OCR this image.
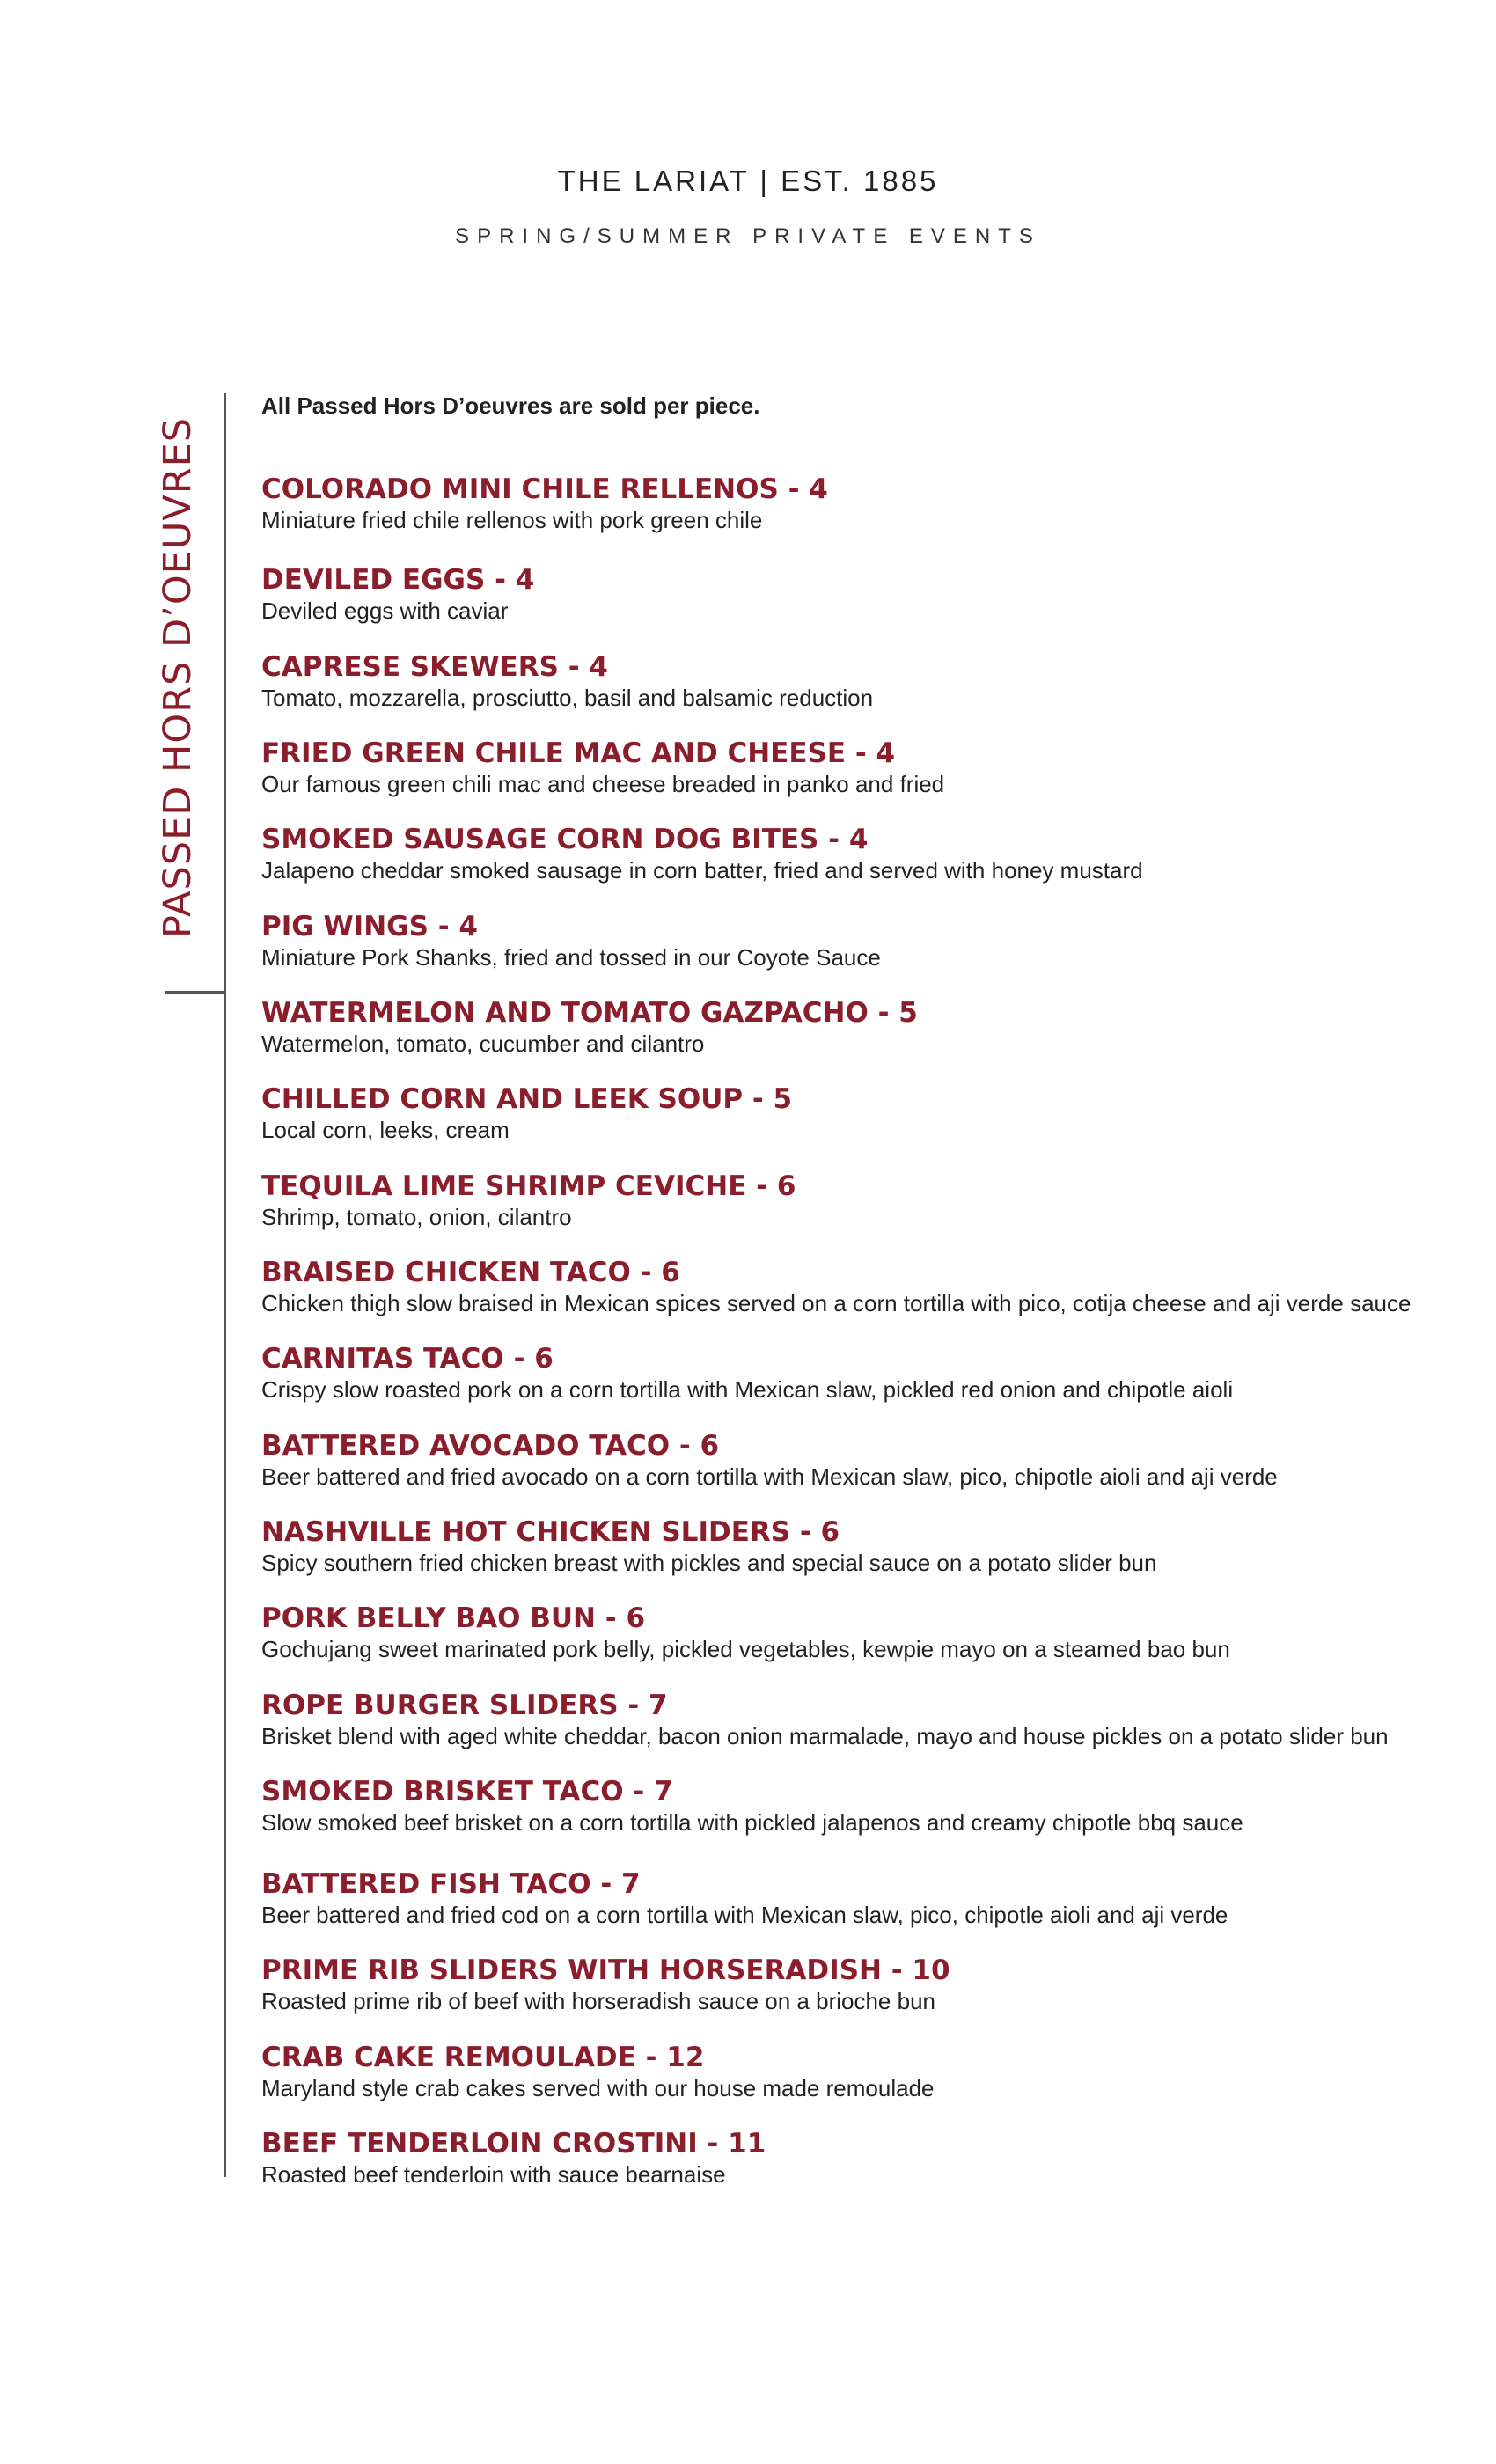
THE LARIAT | EST. 1885
SPRING/SUMMER PRIVATE EVENTS
PASSED HORS D’OEUVRES
All Passed Hors D’oeuvres are sold per piece.
COLORADO MINI CHILE RELLENOS - 4
Miniature fried chile rellenos with pork green chile
DEVILED EGGS - 4
Deviled eggs with caviar
CAPRESE SKEWERS - 4
Tomato, mozzarella, prosciutto, basil and balsamic reduction
FRIED GREEN CHILE MAC AND CHEESE - 4
Our famous green chili mac and cheese breaded in panko and fried
SMOKED SAUSAGE CORN DOG BITES - 4
Jalapeno cheddar smoked sausage in corn batter, fried and served with honey mustard
PIG WINGS - 4
Miniature Pork Shanks, fried and tossed in our Coyote Sauce
WATERMELON AND TOMATO GAZPACHO - 5
Watermelon, tomato, cucumber and cilantro
CHILLED CORN AND LEEK SOUP - 5
Local corn, leeks, cream
TEQUILA LIME SHRIMP CEVICHE - 6
Shrimp, tomato, onion, cilantro
BRAISED CHICKEN TACO - 6
Chicken thigh slow braised in Mexican spices served on a corn tortilla with pico, cotija cheese and aji verde sauce
CARNITAS TACO - 6
Crispy slow roasted pork on a corn tortilla with Mexican slaw, pickled red onion and chipotle aioli
BATTERED AVOCADO TACO - 6
Beer battered and fried avocado on a corn tortilla with Mexican slaw, pico, chipotle aioli and aji verde
NASHVILLE HOT CHICKEN SLIDERS - 6
Spicy southern fried chicken breast with pickles and special sauce on a potato slider bun
PORK BELLY BAO BUN - 6
Gochujang sweet marinated pork belly, pickled vegetables, kewpie mayo on a steamed bao bun
ROPE BURGER SLIDERS - 7
Brisket blend with aged white cheddar, bacon onion marmalade, mayo and house pickles on a potato slider bun
SMOKED BRISKET TACO - 7
Slow smoked beef brisket on a corn tortilla with pickled jalapenos and creamy chipotle bbq sauce
BATTERED FISH TACO - 7
Beer battered and fried cod on a corn tortilla with Mexican slaw, pico, chipotle aioli and aji verde
PRIME RIB SLIDERS WITH HORSERADISH - 10
Roasted prime rib of beef with horseradish sauce on a brioche bun
CRAB CAKE REMOULADE - 12
Maryland style crab cakes served with our house made remoulade
BEEF TENDERLOIN CROSTINI - 11
Roasted beef tenderloin with sauce bearnaise
